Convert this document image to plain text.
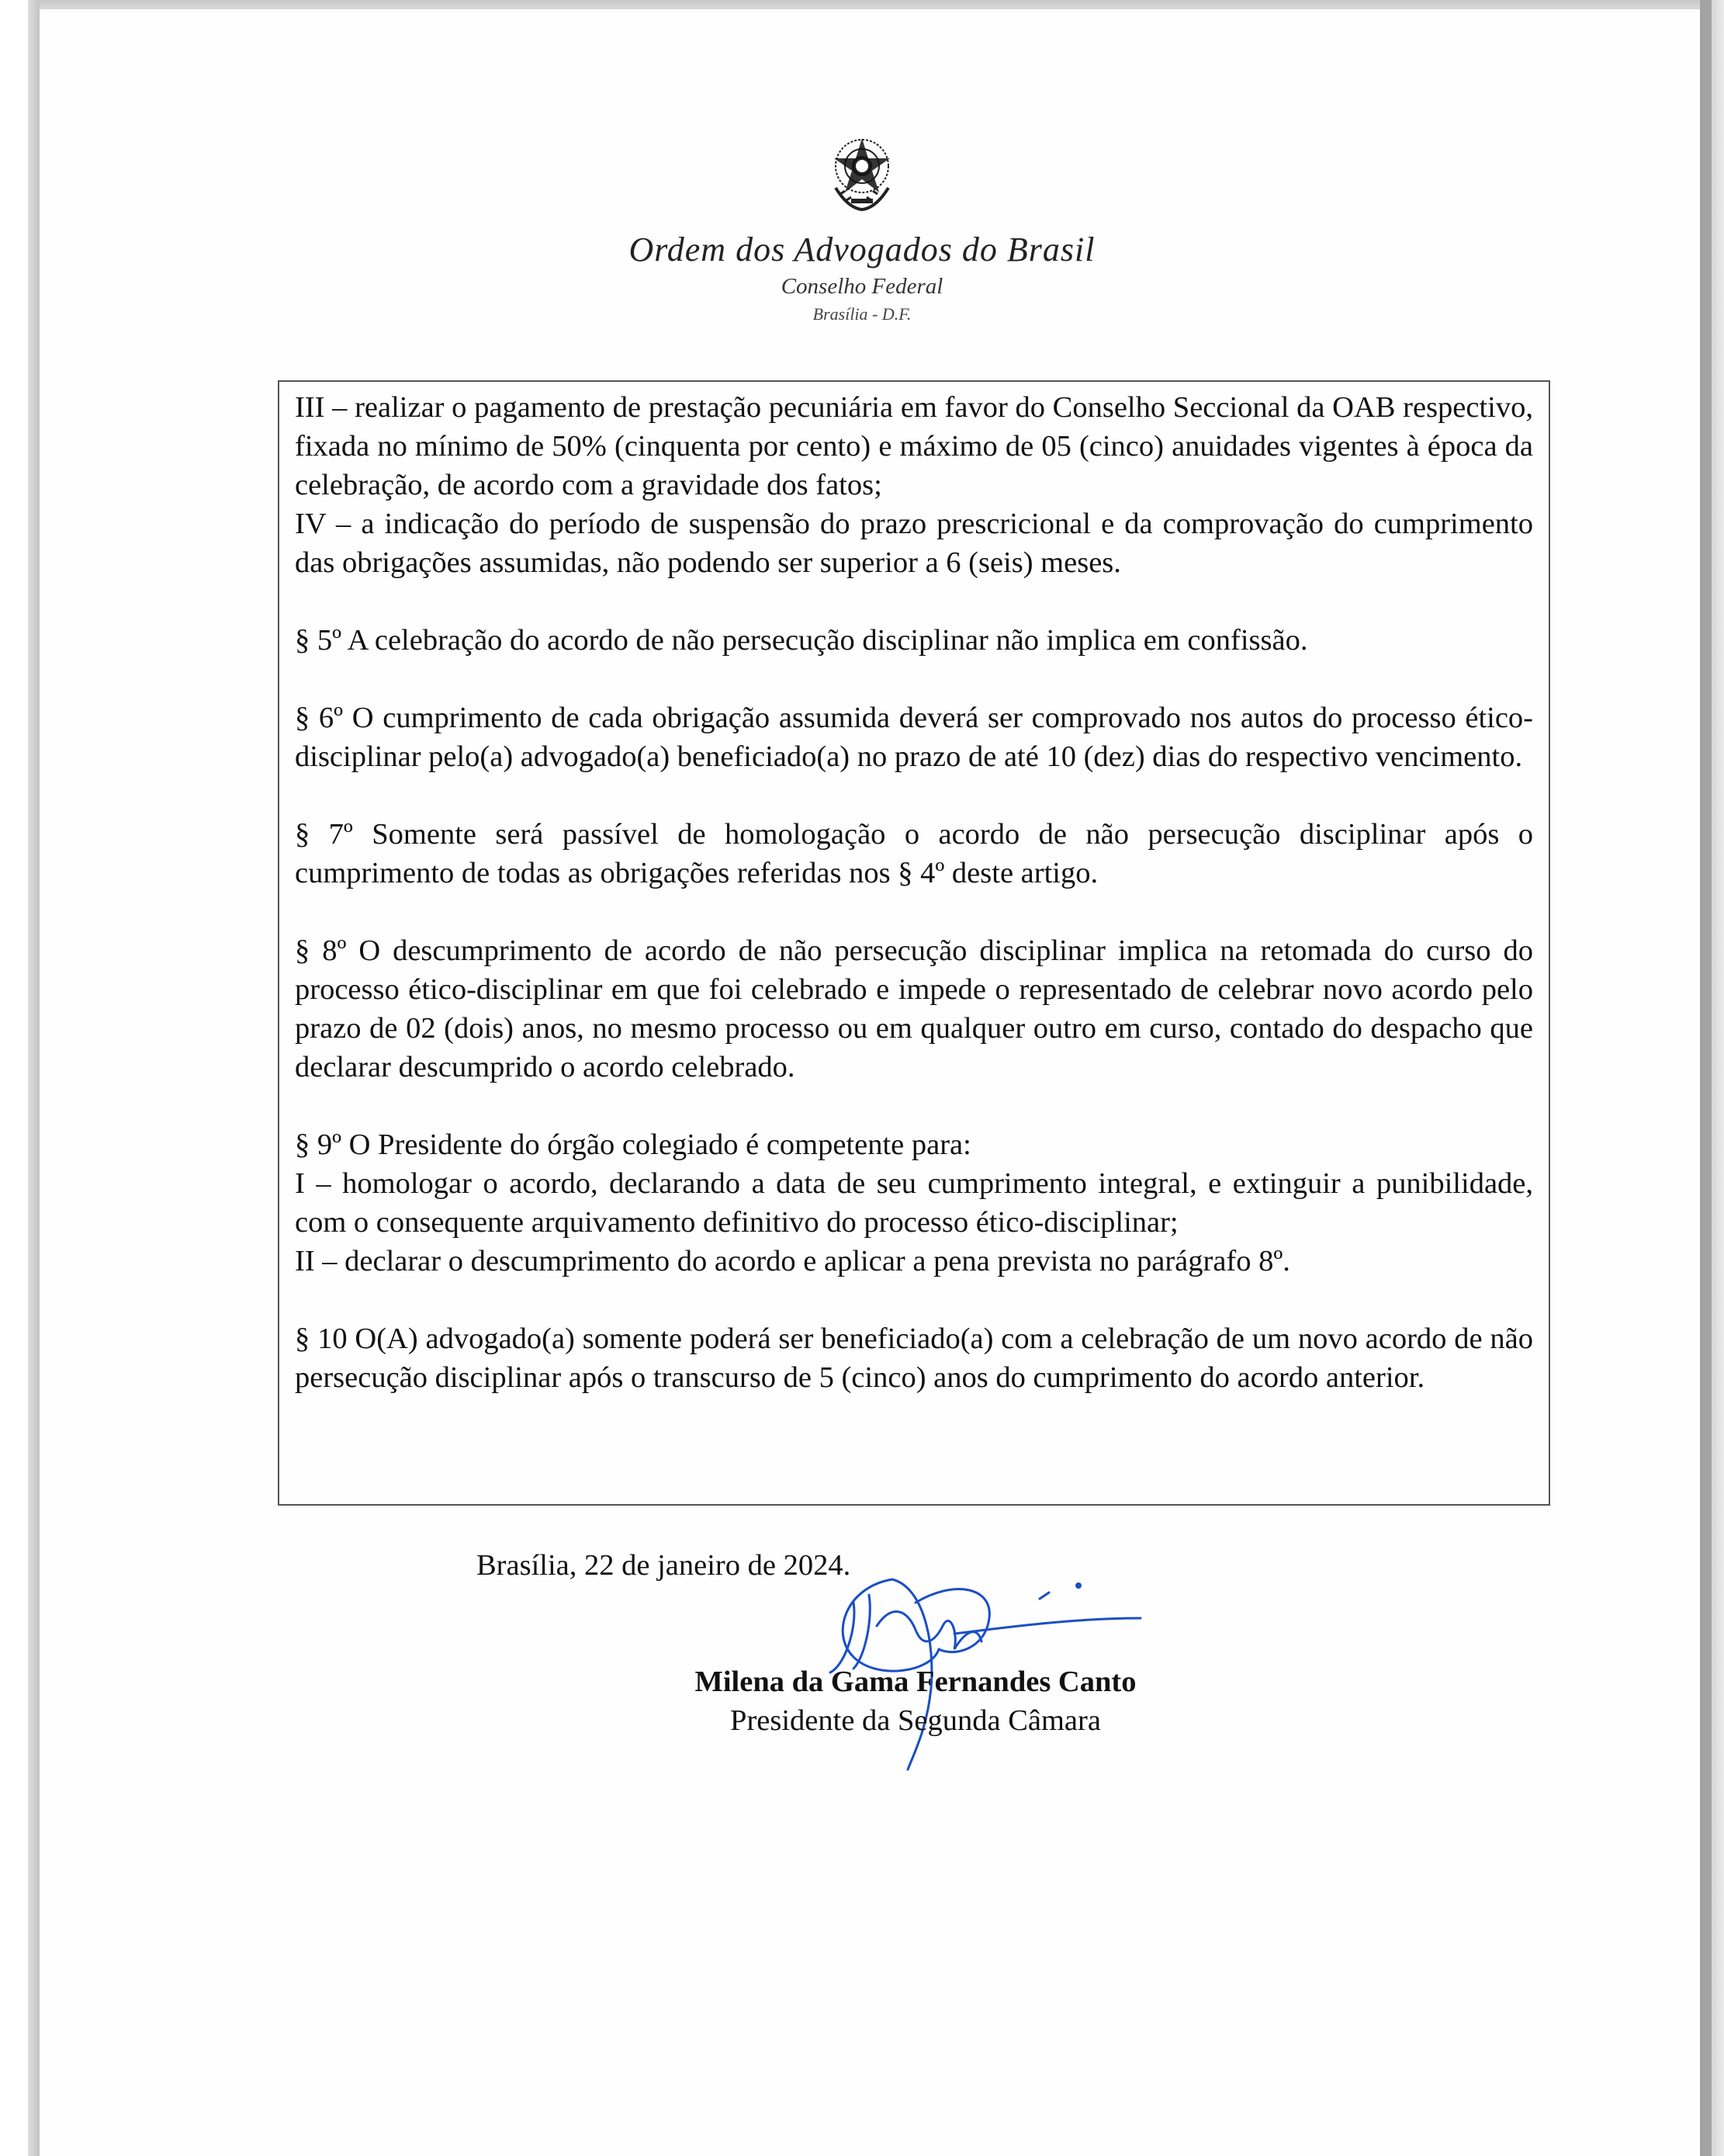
Ordem dos Advogados do Brasil
Conselho Federal
Brasília - D.F.

III – realizar o pagamento de prestação pecuniária em favor do Conselho Seccional da OAB respectivo, fixada no mínimo de 50% (cinquenta por cento) e máximo de 05 (cinco) anuidades vigentes à época da celebração, de acordo com a gravidade dos fatos;
IV – a indicação do período de suspensão do prazo prescricional e da comprovação do cumprimento das obrigações assumidas, não podendo ser superior a 6 (seis) meses.

§ 5º A celebração do acordo de não persecução disciplinar não implica em confissão.

§ 6º O cumprimento de cada obrigação assumida deverá ser comprovado nos autos do processo ético-disciplinar pelo(a) advogado(a) beneficiado(a) no prazo de até 10 (dez) dias do respectivo vencimento.

§ 7º Somente será passível de homologação o acordo de não persecução disciplinar após o cumprimento de todas as obrigações referidas nos § 4º deste artigo.

§ 8º O descumprimento de acordo de não persecução disciplinar implica na retomada do curso do processo ético-disciplinar em que foi celebrado e impede o representado de celebrar novo acordo pelo prazo de 02 (dois) anos, no mesmo processo ou em qualquer outro em curso, contado do despacho que declarar descumprido o acordo celebrado.

§ 9º O Presidente do órgão colegiado é competente para:
I – homologar o acordo, declarando a data de seu cumprimento integral, e extinguir a punibilidade, com o consequente arquivamento definitivo do processo ético-disciplinar;
II – declarar o descumprimento do acordo e aplicar a pena prevista no parágrafo 8º.

§ 10 O(A) advogado(a) somente poderá ser beneficiado(a) com a celebração de um novo acordo de não persecução disciplinar após o transcurso de 5 (cinco) anos do cumprimento do acordo anterior.

Brasília, 22 de janeiro de 2024.
Milena da Gama Fernandes Canto
Presidente da Segunda Câmara
